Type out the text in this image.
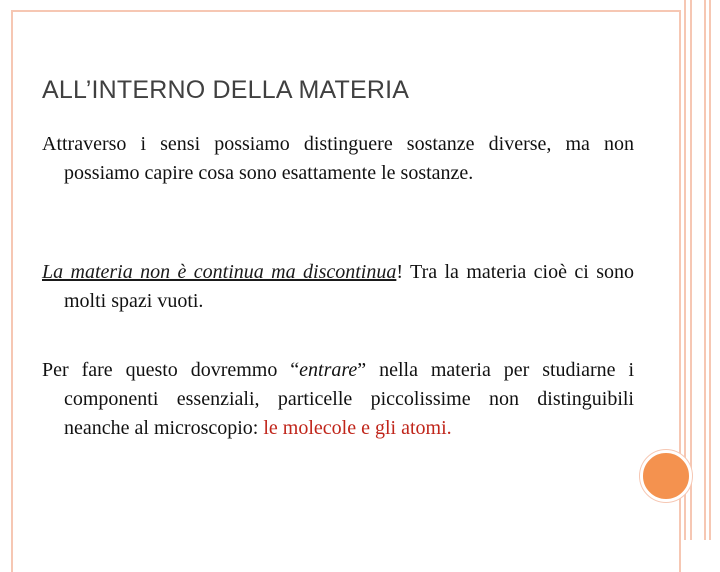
ALL’INTERNO DELLA MATERIA
Attraverso i sensi possiamo distinguere sostanze diverse, ma non possiamo capire cosa sono esattamente le sostanze.
La materia non è continua ma discontinua! Tra la materia cioè ci sono molti spazi vuoti.
Per fare questo dovremmo “entrare” nella materia per studiarne i componenti essenziali, particelle piccolissime non distinguibili neanche al microscopio: le molecole e gli atomi.
